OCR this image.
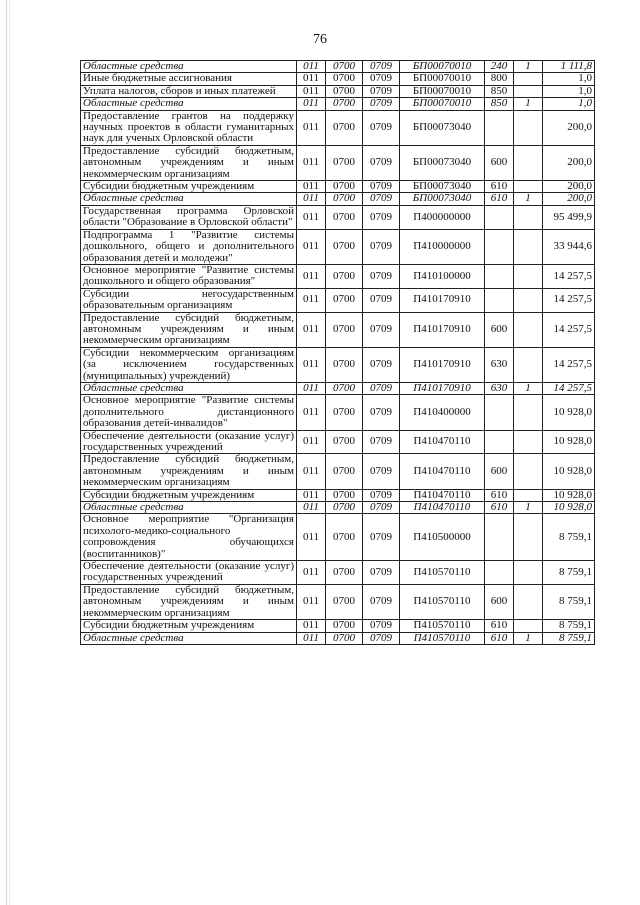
76
Областные средства	011	0700	0709	БП00070010	240	1	1 111,8
Иные бюджетные ассигнования	011	0700	0709	БП00070010	800		1,0
Уплата налогов, сборов и иных платежей	011	0700	0709	БП00070010	850		1,0
Областные средства	011	0700	0709	БП00070010	850	1	1,0
Предоставление грантов на поддержку научных проектов в области гуманитарных наук для ученых Орловской области	011	0700	0709	БП00073040			200,0
Предоставление субсидий бюджетным, автономным учреждениям и иным некоммерческим организациям	011	0700	0709	БП00073040	600		200,0
Субсидии бюджетным учреждениям	011	0700	0709	БП00073040	610		200,0
Областные средства	011	0700	0709	БП00073040	610	1	200,0
Государственная программа Орловской области "Образование в Орловской области"	011	0700	0709	П400000000			95 499,9
Подпрограмма 1 "Развитие системы дошкольного, общего и дополнительного образования детей и молодежи"	011	0700	0709	П410000000			33 944,6
Основное мероприятие "Развитие системы дошкольного и общего образования"	011	0700	0709	П410100000			14 257,5
Субсидии негосударственным образовательным организациям	011	0700	0709	П410170910			14 257,5
Предоставление субсидий бюджетным, автономным учреждениям и иным некоммерческим организациям	011	0700	0709	П410170910	600		14 257,5
Субсидии некоммерческим организациям (за исключением государственных (муниципальных) учреждений)	011	0700	0709	П410170910	630		14 257,5
Областные средства	011	0700	0709	П410170910	630	1	14 257,5
Основное мероприятие "Развитие системы дополнительного дистанционного образования детей-инвалидов"	011	0700	0709	П410400000			10 928,0
Обеспечение деятельности (оказание услуг) государственных учреждений	011	0700	0709	П410470110			10 928,0
Предоставление субсидий бюджетным, автономным учреждениям и иным некоммерческим организациям	011	0700	0709	П410470110	600		10 928,0
Субсидии бюджетным учреждениям	011	0700	0709	П410470110	610		10 928,0
Областные средства	011	0700	0709	П410470110	610	1	10 928,0
Основное мероприятие "Организация психолого-медико-социального сопровождения обучающихся (воспитанников)"	011	0700	0709	П410500000			8 759,1
Обеспечение деятельности (оказание услуг) государственных учреждений	011	0700	0709	П410570110			8 759,1
Предоставление субсидий бюджетным, автономным учреждениям и иным некоммерческим организациям	011	0700	0709	П410570110	600		8 759,1
Субсидии бюджетным учреждениям	011	0700	0709	П410570110	610		8 759,1
Областные средства	011	0700	0709	П410570110	610	1	8 759,1
